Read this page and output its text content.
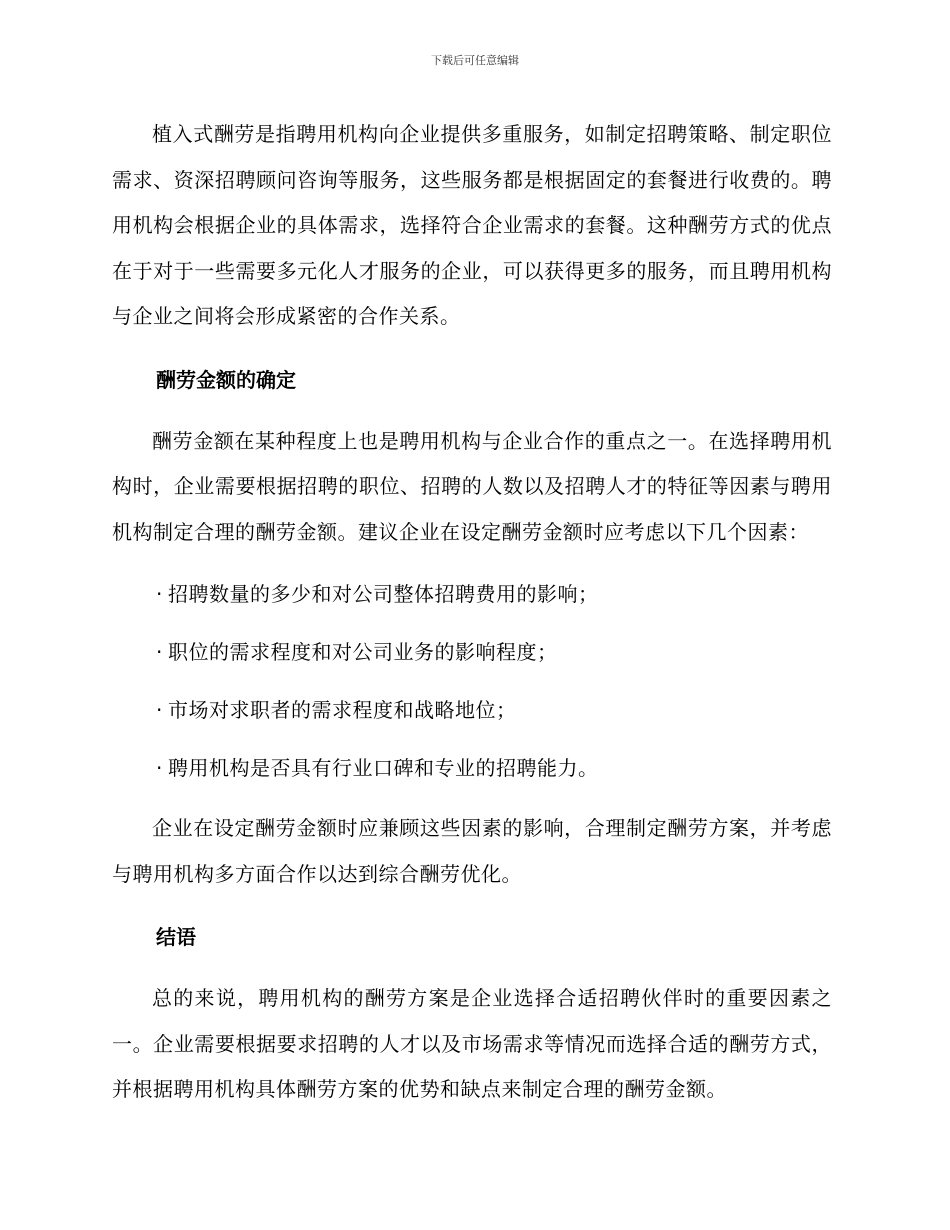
下载后可任意编辑

植入式酬劳是指聘用机构向企业提供多重服务，如制定招聘策略、制定职位需求、资深招聘顾问咨询等服务，这些服务都是根据固定的套餐进行收费的。聘用机构会根据企业的具体需求，选择符合企业需求的套餐。这种酬劳方式的优点在于对于一些需要多元化人才服务的企业，可以获得更多的服务，而且聘用机构与企业之间将会形成紧密的合作关系。

酬劳金额的确定

酬劳金额在某种程度上也是聘用机构与企业合作的重点之一。在选择聘用机构时，企业需要根据招聘的职位、招聘的人数以及招聘人才的特征等因素与聘用机构制定合理的酬劳金额。建议企业在设定酬劳金额时应考虑以下几个因素：

· 招聘数量的多少和对公司整体招聘费用的影响；

· 职位的需求程度和对公司业务的影响程度；

· 市场对求职者的需求程度和战略地位；

· 聘用机构是否具有行业口碑和专业的招聘能力。

企业在设定酬劳金额时应兼顾这些因素的影响，合理制定酬劳方案，并考虑与聘用机构多方面合作以达到综合酬劳优化。

结语

总的来说，聘用机构的酬劳方案是企业选择合适招聘伙伴时的重要因素之一。企业需要根据要求招聘的人才以及市场需求等情况而选择合适的酬劳方式，并根据聘用机构具体酬劳方案的优势和缺点来制定合理的酬劳金额。
